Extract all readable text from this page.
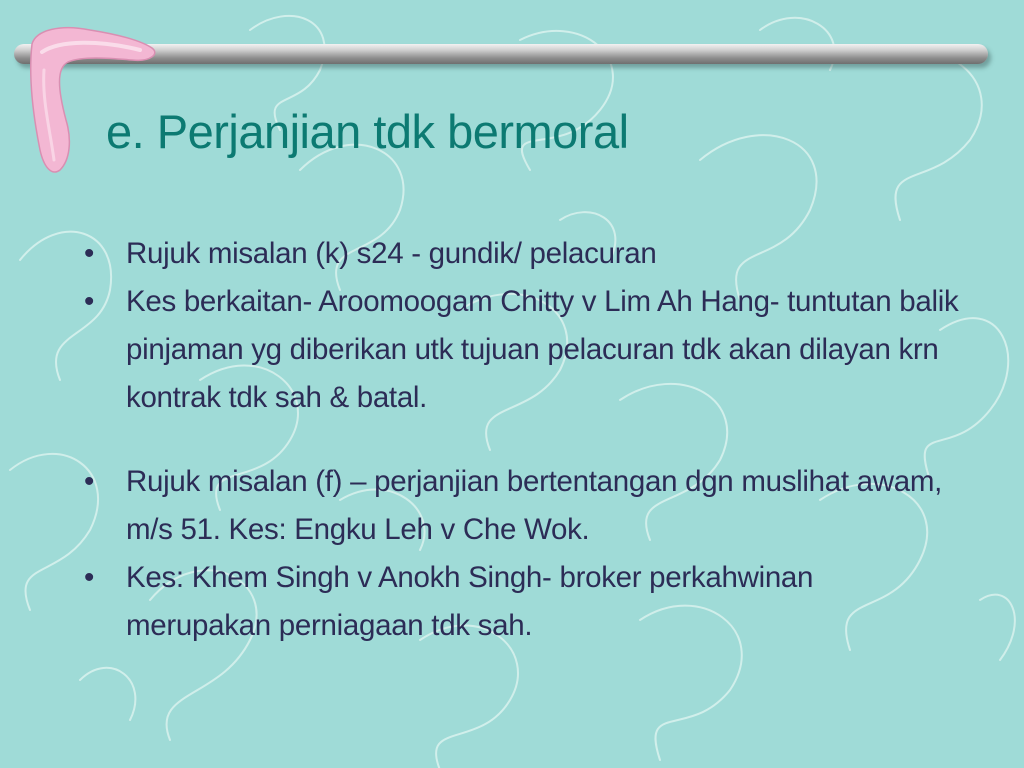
e. Perjanjian tdk bermoral
• Rujuk misalan (k) s24 - gundik/ pelacuran
• Kes berkaitan- Aroomoogam Chitty v Lim Ah Hang- tuntutan balik pinjaman yg diberikan utk tujuan pelacuran tdk akan dilayan krn kontrak tdk sah & batal.
• Rujuk misalan (f) – perjanjian bertentangan dgn muslihat awam, m/s 51. Kes: Engku Leh v Che Wok.
• Kes: Khem Singh v Anokh Singh- broker perkahwinan merupakan perniagaan tdk sah.
